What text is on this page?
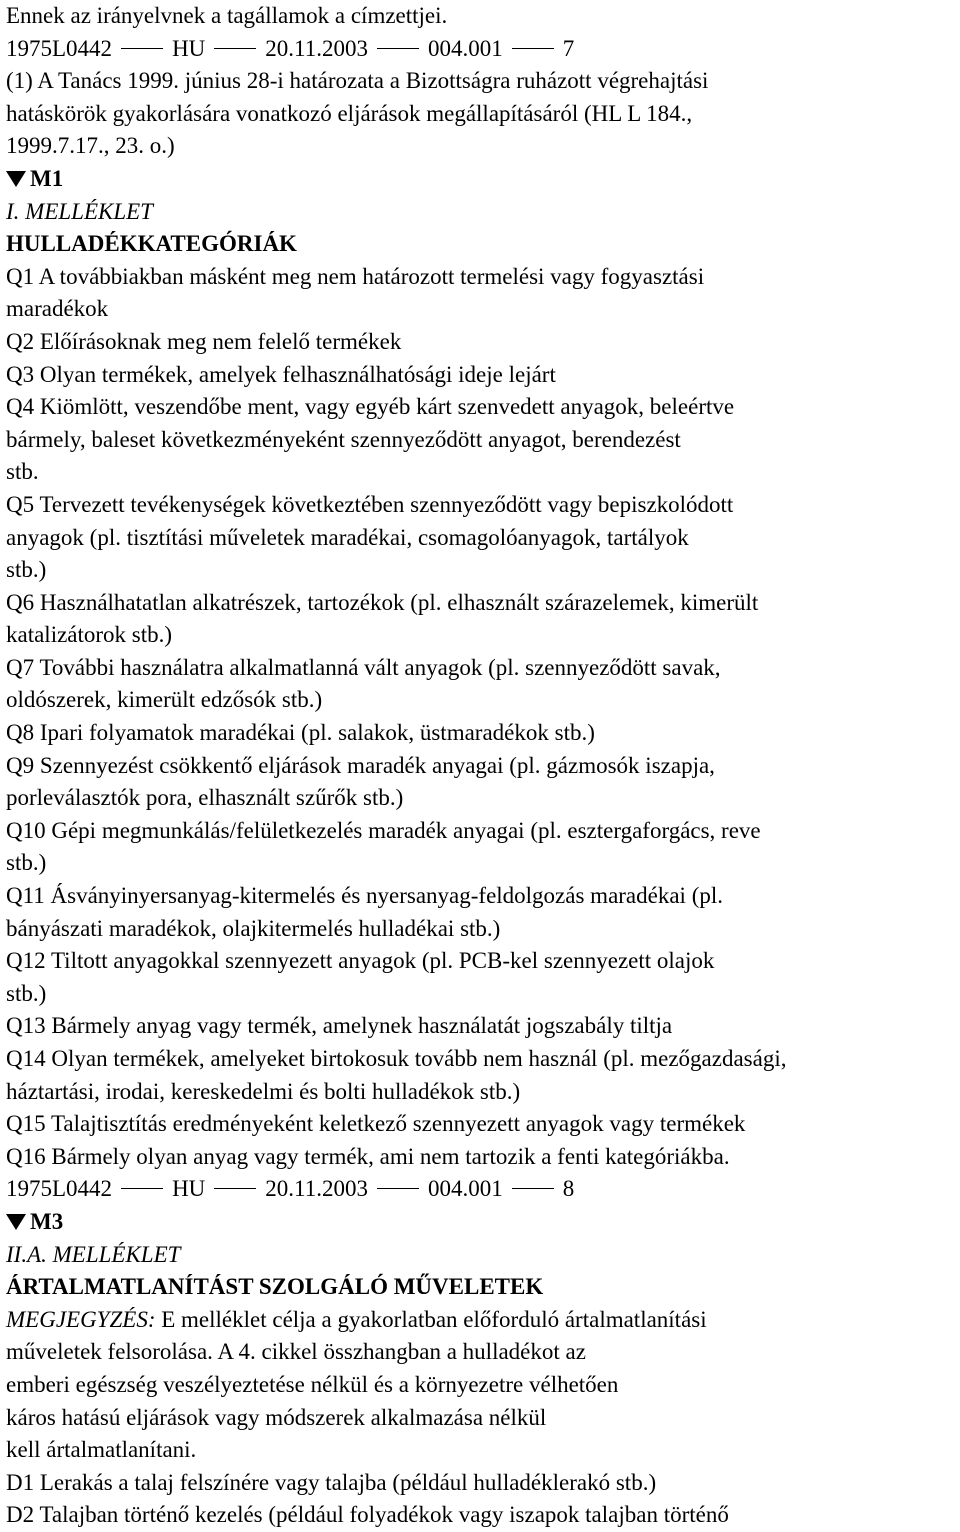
Ennek az irányelvnek a tagállamok a címzettjei.
1975L0442	HU	20.11.2003	004.001	7
(1) A Tanács 1999. június 28-i határozata a Bizottságra ruházott végrehajtási
hatáskörök gyakorlására vonatkozó eljárások megállapításáról (HL L 184.,
1999.7.17., 23. o.)
M1
I. MELLÉKLET
HULLADÉKKATEGÓRIÁK
Q1 A továbbiakban másként meg nem határozott termelési vagy fogyasztási
maradékok
Q2 Előírásoknak meg nem felelő termékek
Q3 Olyan termékek, amelyek felhasználhatósági ideje lejárt
Q4 Kiömlött, veszendőbe ment, vagy egyéb kárt szenvedett anyagok, beleértve
bármely, baleset következményeként szennyeződött anyagot, berendezést
stb.
Q5 Tervezett tevékenységek következtében szennyeződött vagy bepiszkolódott
anyagok (pl. tisztítási műveletek maradékai, csomagolóanyagok, tartályok
stb.)
Q6 Használhatatlan alkatrészek, tartozékok (pl. elhasznált szárazelemek, kimerült
katalizátorok stb.)
Q7 További használatra alkalmatlanná vált anyagok (pl. szennyeződött savak,
oldószerek, kimerült edzősók stb.)
Q8 Ipari folyamatok maradékai (pl. salakok, üstmaradékok stb.)
Q9 Szennyezést csökkentő eljárások maradék anyagai (pl. gázmosók iszapja,
porleválasztók pora, elhasznált szűrők stb.)
Q10 Gépi megmunkálás/felületkezelés maradék anyagai (pl. esztergaforgács, reve
stb.)
Q11 Ásványinyersanyag-kitermelés és nyersanyag-feldolgozás maradékai (pl.
bányászati maradékok, olajkitermelés hulladékai stb.)
Q12 Tiltott anyagokkal szennyezett anyagok (pl. PCB-kel szennyezett olajok
stb.)
Q13 Bármely anyag vagy termék, amelynek használatát jogszabály tiltja
Q14 Olyan termékek, amelyeket birtokosuk tovább nem használ (pl. mezőgazdasági,
háztartási, irodai, kereskedelmi és bolti hulladékok stb.)
Q15 Talajtisztítás eredményeként keletkező szennyezett anyagok vagy termékek
Q16 Bármely olyan anyag vagy termék, ami nem tartozik a fenti kategóriákba.
1975L0442	HU	20.11.2003	004.001	8
M3
II.A. MELLÉKLET
ÁRTALMATLANÍTÁST SZOLGÁLÓ MŰVELETEK
MEGJEGYZÉS: E melléklet célja a gyakorlatban előforduló ártalmatlanítási
műveletek felsorolása. A 4. cikkel összhangban a hulladékot az
emberi egészség veszélyeztetése nélkül és a környezetre vélhetően
káros hatású eljárások vagy módszerek alkalmazása nélkül
kell ártalmatlanítani.
D1 Lerakás a talaj felszínére vagy talajba (például hulladéklerakó stb.)
D2 Talajban történő kezelés (például folyadékok vagy iszapok talajban történő
